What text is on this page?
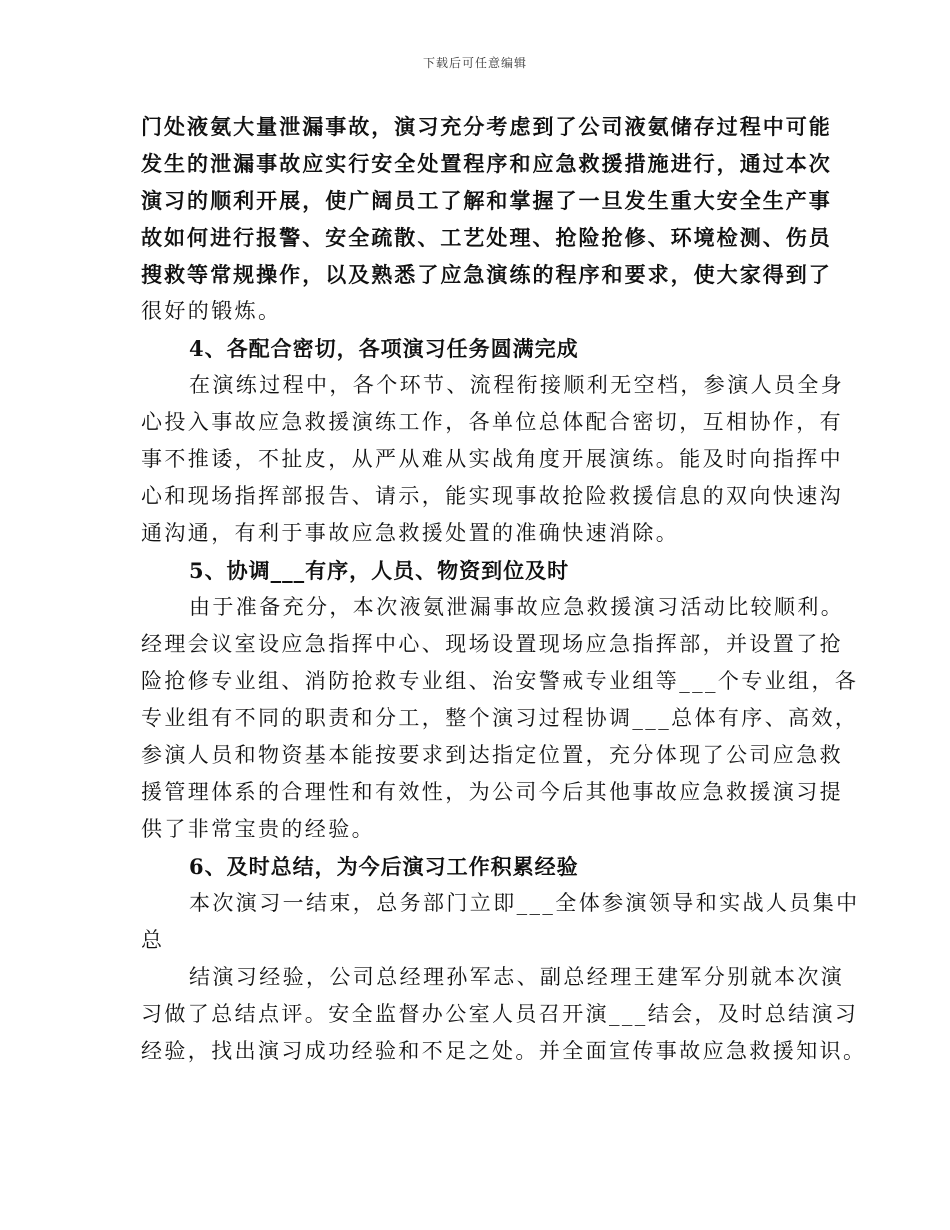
下载后可任意编辑
门处液氨大量泄漏事故，演习充分考虑到了公司液氨储存过程中可能
发生的泄漏事故应实行安全处置程序和应急救援措施进行，通过本次
演习的顺利开展，使广阔员工了解和掌握了一旦发生重大安全生产事
故如何进行报警、安全疏散、工艺处理、抢险抢修、环境检测、伤员
搜救等常规操作，以及熟悉了应急演练的程序和要求，使大家得到了
很好的锻炼。
4、各配合密切，各项演习任务圆满完成
在演练过程中，各个环节、流程衔接顺利无空档，参演人员全身
心投入事故应急救援演练工作，各单位总体配合密切，互相协作，有
事不推诿，不扯皮，从严从难从实战角度开展演练。能及时向指挥中
心和现场指挥部报告、请示，能实现事故抢险救援信息的双向快速沟
通沟通，有利于事故应急救援处置的准确快速消除。
5、协调___有序，人员、物资到位及时
由于准备充分，本次液氨泄漏事故应急救援演习活动比较顺利。
经理会议室设应急指挥中心、现场设置现场应急指挥部，并设置了抢
险抢修专业组、消防抢救专业组、治安警戒专业组等___个专业组，各
专业组有不同的职责和分工，整个演习过程协调___总体有序、高效，
参演人员和物资基本能按要求到达指定位置，充分体现了公司应急救
援管理体系的合理性和有效性，为公司今后其他事故应急救援演习提
供了非常宝贵的经验。
6、及时总结，为今后演习工作积累经验
本次演习一结束，总务部门立即___全体参演领导和实战人员集中
总
结演习经验，公司总经理孙军志、副总经理王建军分别就本次演
习做了总结点评。安全监督办公室人员召开演___结会，及时总结演习
经验，找出演习成功经验和不足之处。并全面宣传事故应急救援知识。
